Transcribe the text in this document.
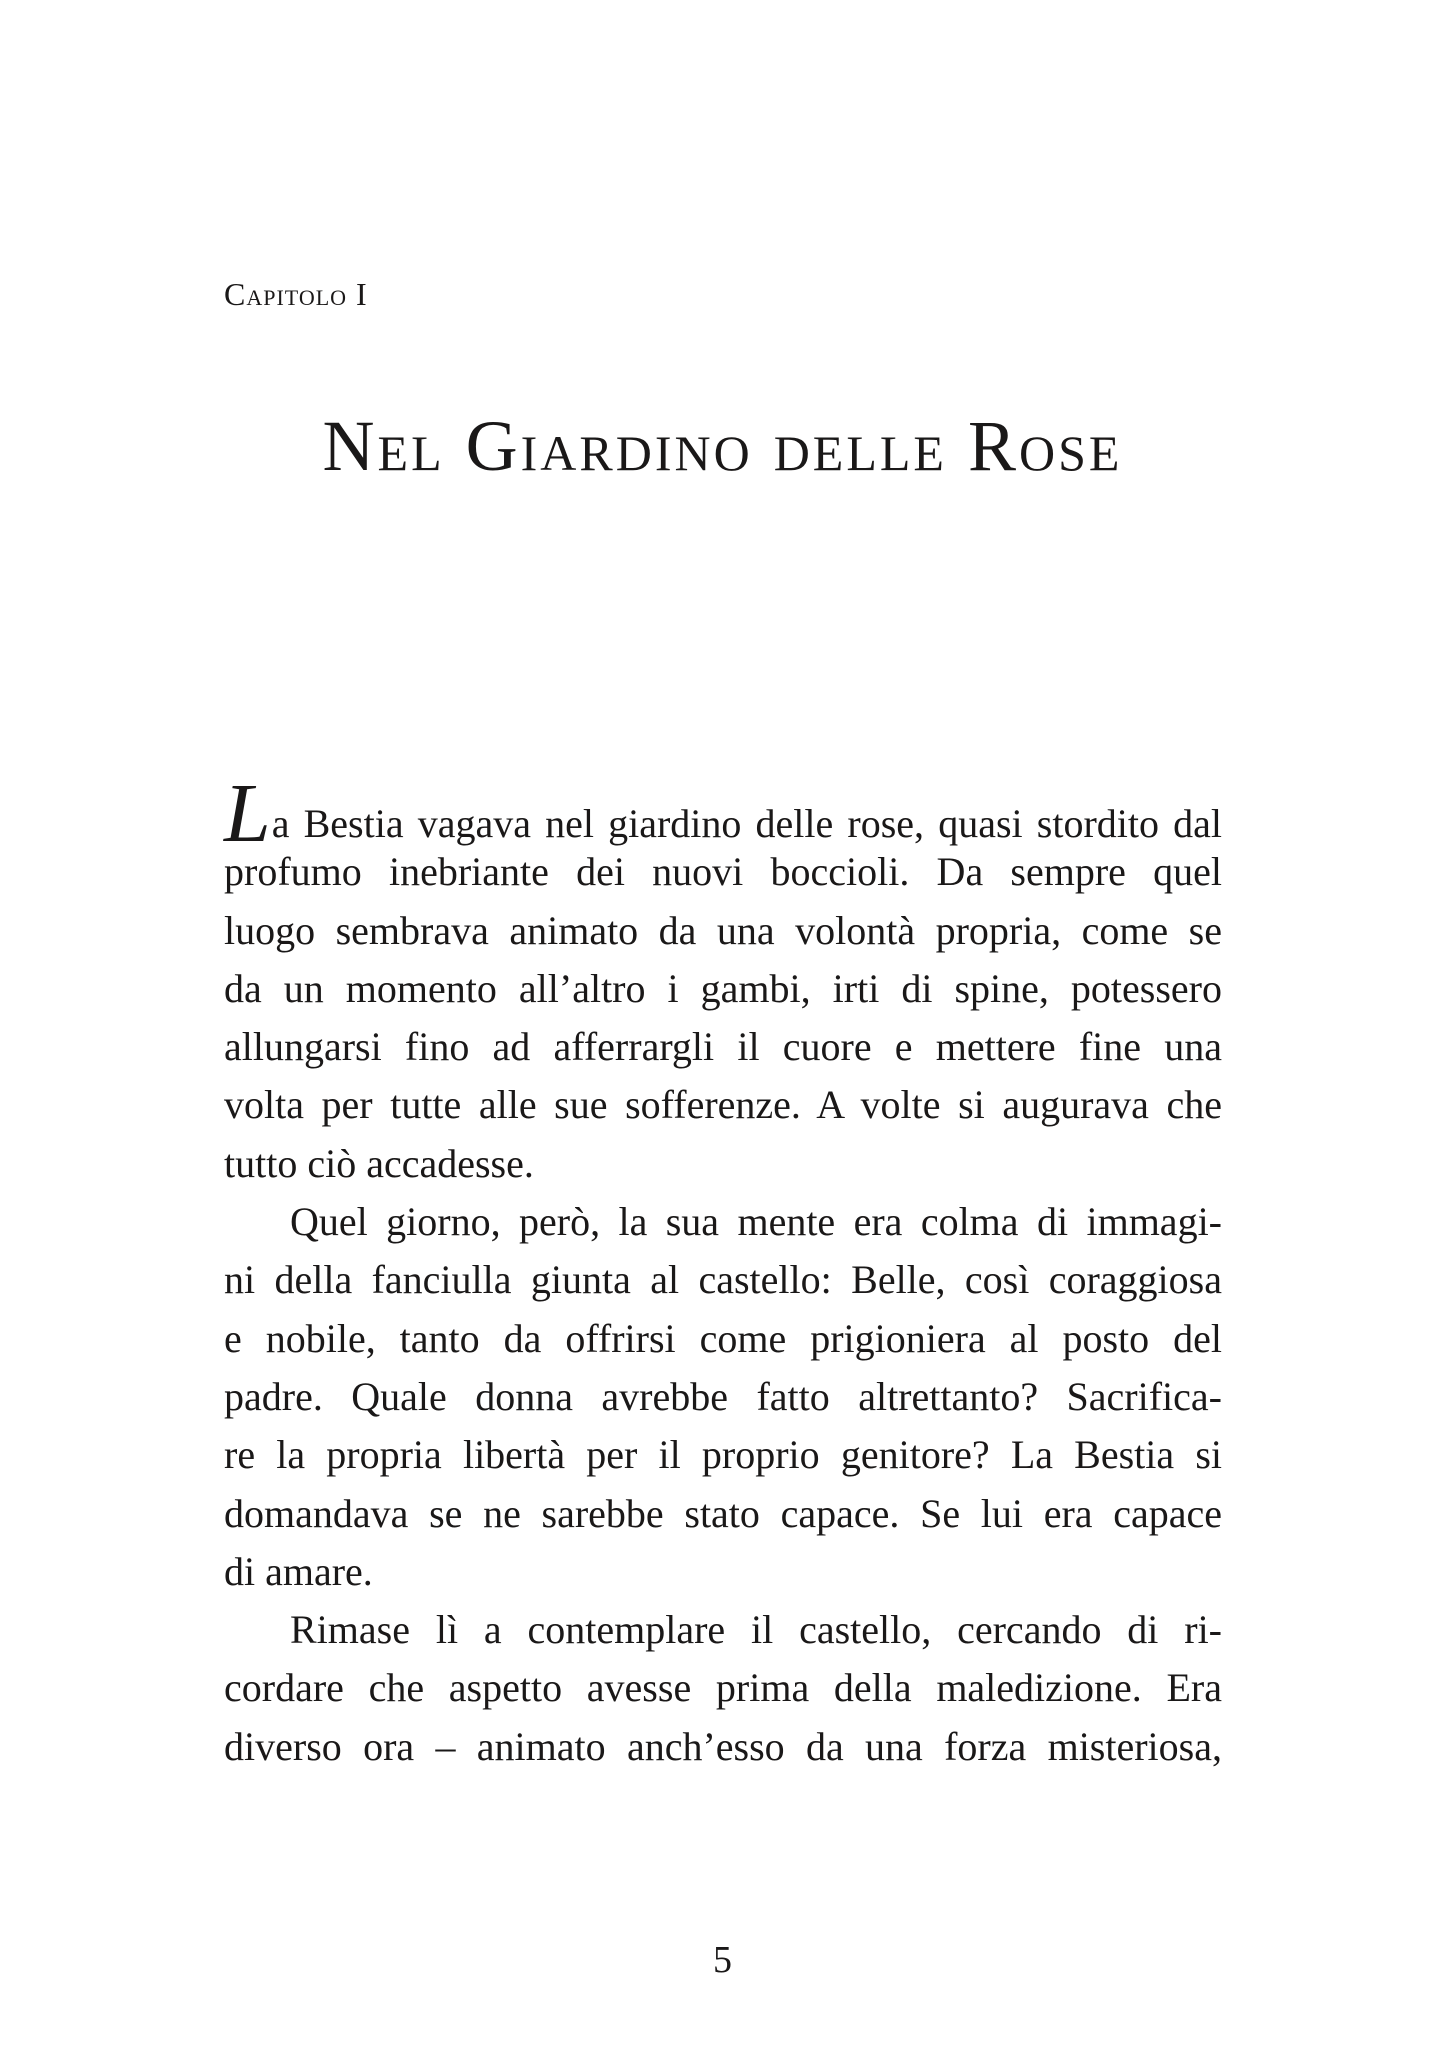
Capitolo I
Nel Giardino delle Rose
La Bestia vagava nel giardino delle rose, quasi stordito dal
profumo inebriante dei nuovi boccioli. Da sempre quel
luogo sembrava animato da una volontà propria, come se
da un momento all’altro i gambi, irti di spine, potessero
allungarsi fino ad afferrargli il cuore e mettere fine una
volta per tutte alle sue sofferenze. A volte si augurava che
tutto ciò accadesse.
Quel giorno, però, la sua mente era colma di immagi-
ni della fanciulla giunta al castello: Belle, così coraggiosa
e nobile, tanto da offrirsi come prigioniera al posto del
padre. Quale donna avrebbe fatto altrettanto? Sacrifica-
re la propria libertà per il proprio genitore? La Bestia si
domandava se ne sarebbe stato capace. Se lui era capace
di amare.
Rimase lì a contemplare il castello, cercando di ri-
cordare che aspetto avesse prima della maledizione. Era
diverso ora – animato anch’esso da una forza misteriosa,
5
